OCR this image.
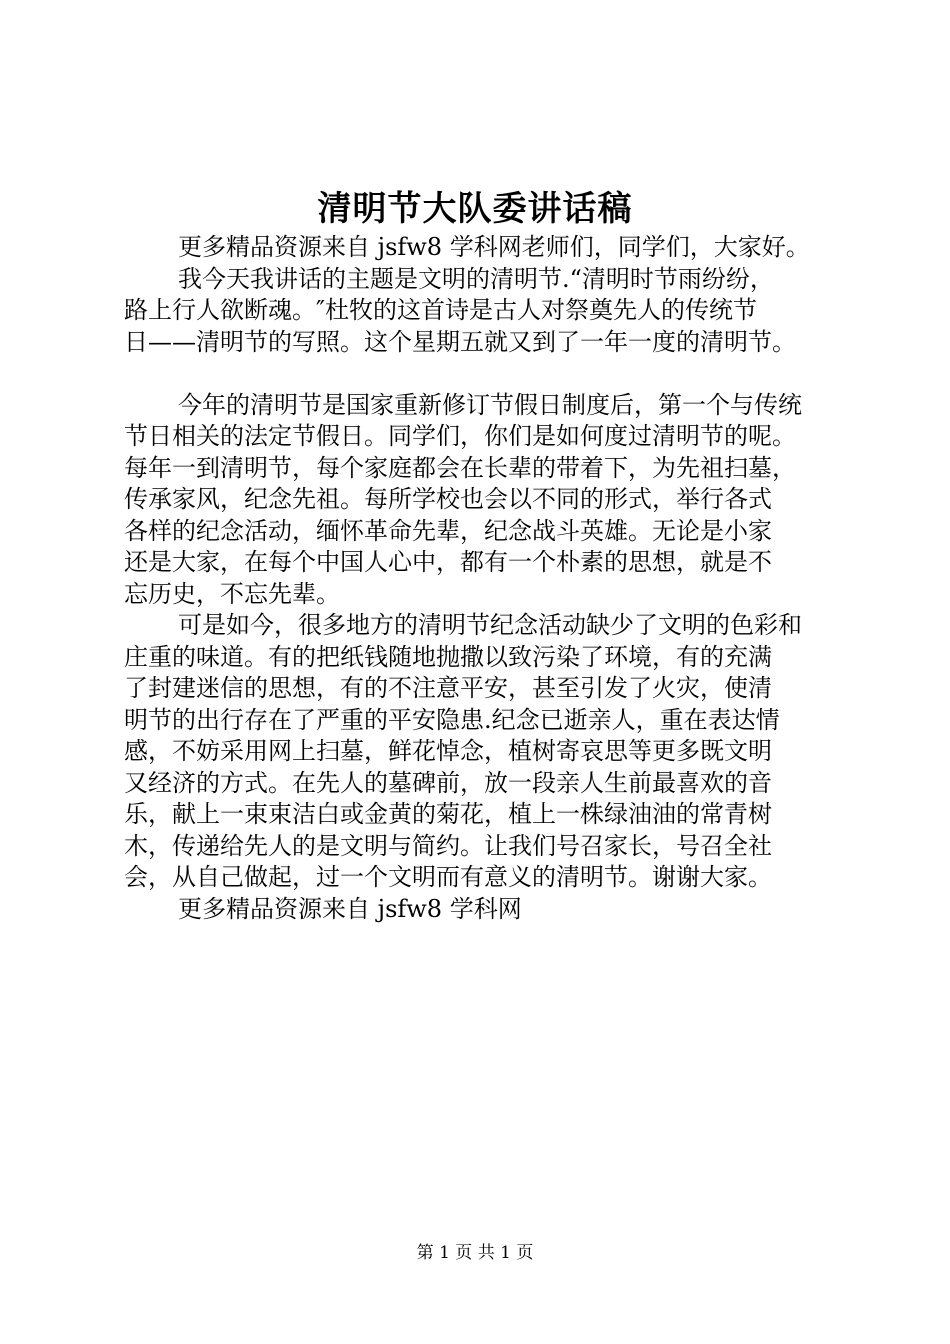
清明节大队委讲话稿
更多精品资源来自 jsfw8 学科网老师们，同学们，大家好。
我今天我讲话的主题是文明的清明节.“清明时节雨纷纷，
路上行人欲断魂。″杜牧的这首诗是古人对祭奠先人的传统节
日——清明节的写照。这个星期五就又到了一年一度的清明节。
今年的清明节是国家重新修订节假日制度后，第一个与传统
节日相关的法定节假日。同学们，你们是如何度过清明节的呢。
每年一到清明节，每个家庭都会在长辈的带着下，为先祖扫墓，
传承家风，纪念先祖。每所学校也会以不同的形式，举行各式
各样的纪念活动，缅怀革命先辈，纪念战斗英雄。无论是小家
还是大家，在每个中国人心中，都有一个朴素的思想，就是不
忘历史，不忘先辈。
可是如今，很多地方的清明节纪念活动缺少了文明的色彩和
庄重的味道。有的把纸钱随地抛撒以致污染了环境，有的充满
了封建迷信的思想，有的不注意平安，甚至引发了火灾，使清
明节的出行存在了严重的平安隐患.纪念已逝亲人，重在表达情
感，不妨采用网上扫墓，鲜花悼念，植树寄哀思等更多既文明
又经济的方式。在先人的墓碑前，放一段亲人生前最喜欢的音
乐，献上一束束洁白或金黄的菊花，植上一株绿油油的常青树
木，传递给先人的是文明与简约。让我们号召家长，号召全社
会，从自己做起，过一个文明而有意义的清明节。谢谢大家。
更多精品资源来自 jsfw8 学科网
第 1 页 共 1 页
